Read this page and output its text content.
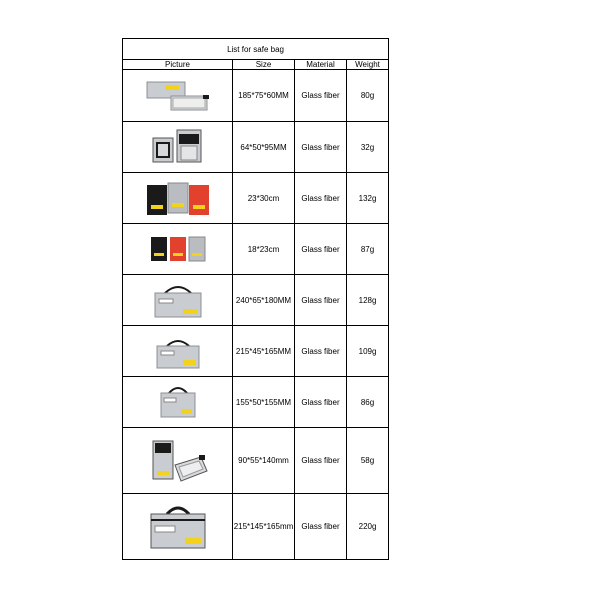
List for safe bag			
Picture	Size	Material	Weight

	185*75*60MM	Glass fiber	80g

	64*50*95MM	Glass fiber	32g

	23*30cm	Glass fiber	132g

	18*23cm	Glass fiber	87g

	240*65*180MM	Glass fiber	128g

	215*45*165MM	Glass fiber	109g

	155*50*155MM	Glass fiber	86g

	90*55*140mm	Glass fiber	58g

	215*145*165mm	Glass fiber	220g
